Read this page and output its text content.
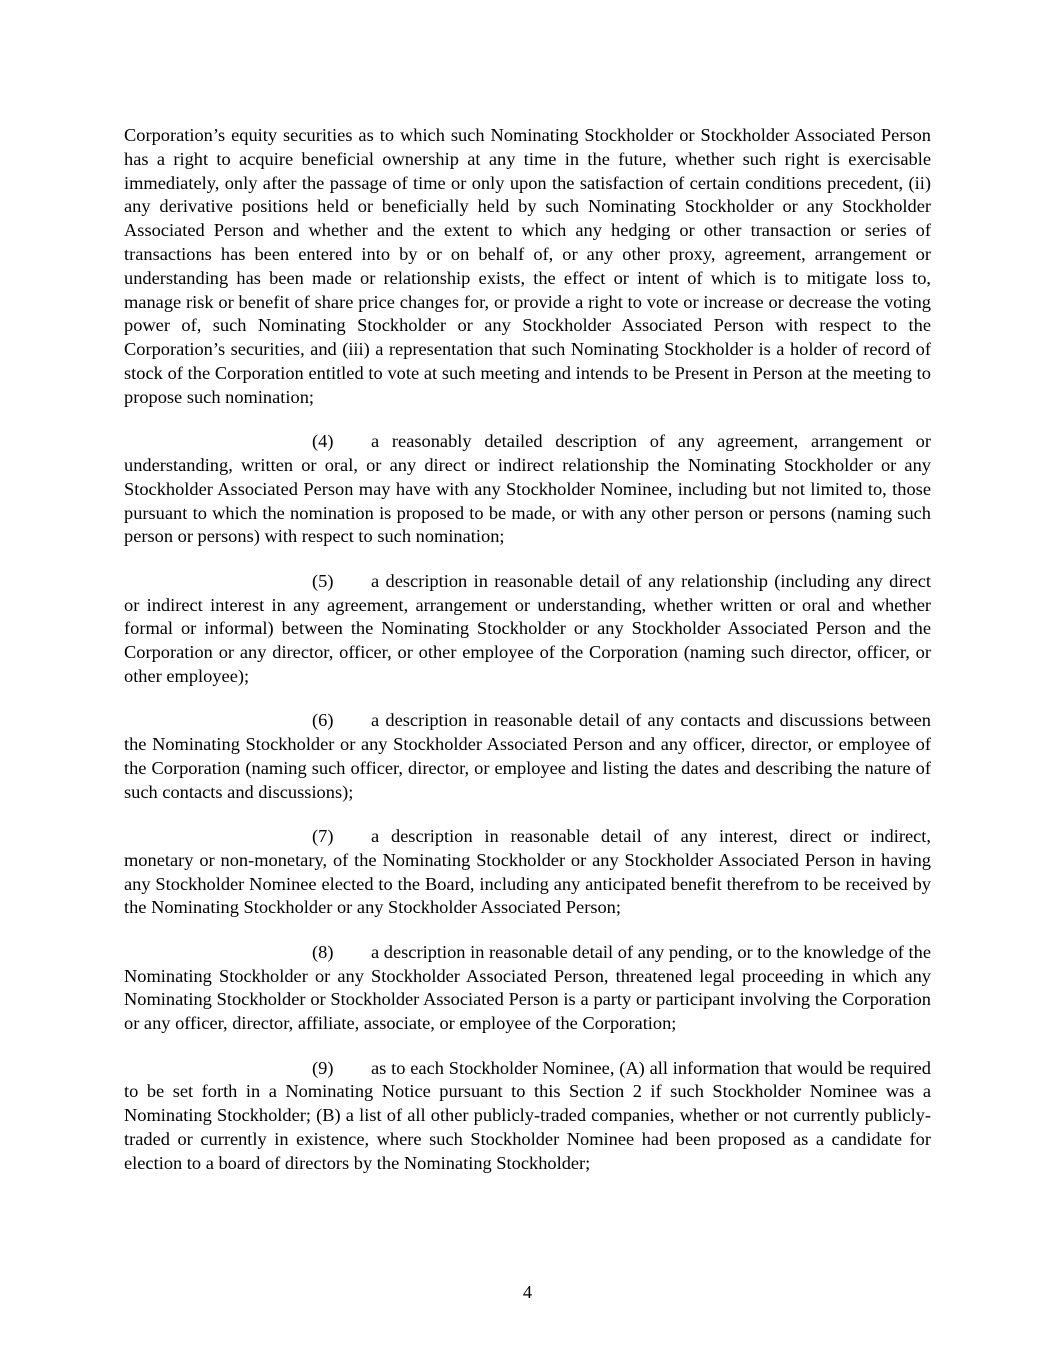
Corporation’s equity securities as to which such Nominating Stockholder or Stockholder Associated Person has a right to acquire beneficial ownership at any time in the future, whether such right is exercisable immediately, only after the passage of time or only upon the satisfaction of certain conditions precedent, (ii) any derivative positions held or beneficially held by such Nominating Stockholder or any Stockholder Associated Person and whether and the extent to which any hedging or other transaction or series of transactions has been entered into by or on behalf of, or any other proxy, agreement, arrangement or understanding has been made or relationship exists, the effect or intent of which is to mitigate loss to, manage risk or benefit of share price changes for, or provide a right to vote or increase or decrease the voting power of, such Nominating Stockholder or any Stockholder Associated Person with respect to the Corporation’s securities, and (iii) a representation that such Nominating Stockholder is a holder of record of stock of the Corporation entitled to vote at such meeting and intends to be Present in Person at the meeting to propose such nomination;

(4) a reasonably detailed description of any agreement, arrangement or understanding, written or oral, or any direct or indirect relationship the Nominating Stockholder or any Stockholder Associated Person may have with any Stockholder Nominee, including but not limited to, those pursuant to which the nomination is proposed to be made, or with any other person or persons (naming such person or persons) with respect to such nomination;

(5) a description in reasonable detail of any relationship (including any direct or indirect interest in any agreement, arrangement or understanding, whether written or oral and whether formal or informal) between the Nominating Stockholder or any Stockholder Associated Person and the Corporation or any director, officer, or other employee of the Corporation (naming such director, officer, or other employee);

(6) a description in reasonable detail of any contacts and discussions between the Nominating Stockholder or any Stockholder Associated Person and any officer, director, or employee of the Corporation (naming such officer, director, or employee and listing the dates and describing the nature of such contacts and discussions);

(7) a description in reasonable detail of any interest, direct or indirect, monetary or non-monetary, of the Nominating Stockholder or any Stockholder Associated Person in having any Stockholder Nominee elected to the Board, including any anticipated benefit therefrom to be received by the Nominating Stockholder or any Stockholder Associated Person;

(8) a description in reasonable detail of any pending, or to the knowledge of the Nominating Stockholder or any Stockholder Associated Person, threatened legal proceeding in which any Nominating Stockholder or Stockholder Associated Person is a party or participant involving the Corporation or any officer, director, affiliate, associate, or employee of the Corporation;

(9) as to each Stockholder Nominee, (A) all information that would be required to be set forth in a Nominating Notice pursuant to this Section 2 if such Stockholder Nominee was a Nominating Stockholder; (B) a list of all other publicly-traded companies, whether or not currently publicly-traded or currently in existence, where such Stockholder Nominee had been proposed as a candidate for election to a board of directors by the Nominating Stockholder;

4
